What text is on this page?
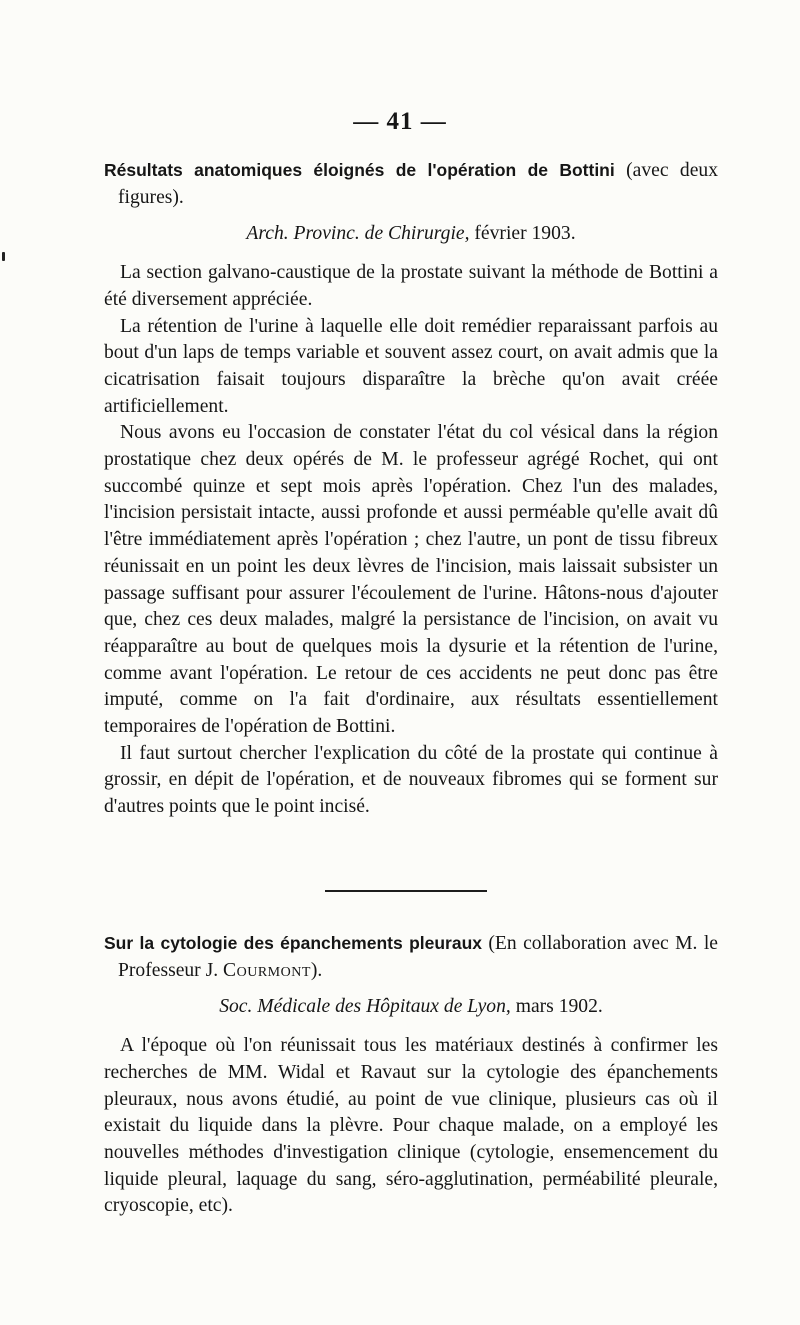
— 41 —

Résultats anatomiques éloignés de l'opération de Bottini (avec deux figures).

Arch. Provinc. de Chirurgie, février 1903.

La section galvano-caustique de la prostate suivant la méthode de Bottini a été diversement appréciée.

La rétention de l'urine à laquelle elle doit remédier reparaissant parfois au bout d'un laps de temps variable et souvent assez court, on avait admis que la cicatrisation faisait toujours disparaître la brèche qu'on avait créée artificiellement.

Nous avons eu l'occasion de constater l'état du col vésical dans la région prostatique chez deux opérés de M. le professeur agrégé Rochet, qui ont succombé quinze et sept mois après l'opération. Chez l'un des malades, l'incision persistait intacte, aussi profonde et aussi perméable qu'elle avait dû l'être immédiatement après l'opération ; chez l'autre, un pont de tissu fibreux réunissait en un point les deux lèvres de l'incision, mais laissait subsister un passage suffisant pour assurer l'écoulement de l'urine. Hâtons-nous d'ajouter que, chez ces deux malades, malgré la persistance de l'incision, on avait vu réapparaître au bout de quelques mois la dysurie et la rétention de l'urine, comme avant l'opération. Le retour de ces accidents ne peut donc pas être imputé, comme on l'a fait d'ordinaire, aux résultats essentiellement temporaires de l'opération de Bottini.

Il faut surtout chercher l'explication du côté de la prostate qui continue à grossir, en dépit de l'opération, et de nouveaux fibromes qui se forment sur d'autres points que le point incisé.

Sur la cytologie des épanchements pleuraux (En collaboration avec M. le Professeur J. Courmont).

Soc. Médicale des Hôpitaux de Lyon, mars 1902.

A l'époque où l'on réunissait tous les matériaux destinés à confirmer les recherches de MM. Widal et Ravaut sur la cytologie des épanchements pleuraux, nous avons étudié, au point de vue clinique, plusieurs cas où il existait du liquide dans la plèvre. Pour chaque malade, on a employé les nouvelles méthodes d'investigation clinique (cytologie, ensemencement du liquide pleural, laquage du sang, séro-agglutination, perméabilité pleurale, cryoscopie, etc).
